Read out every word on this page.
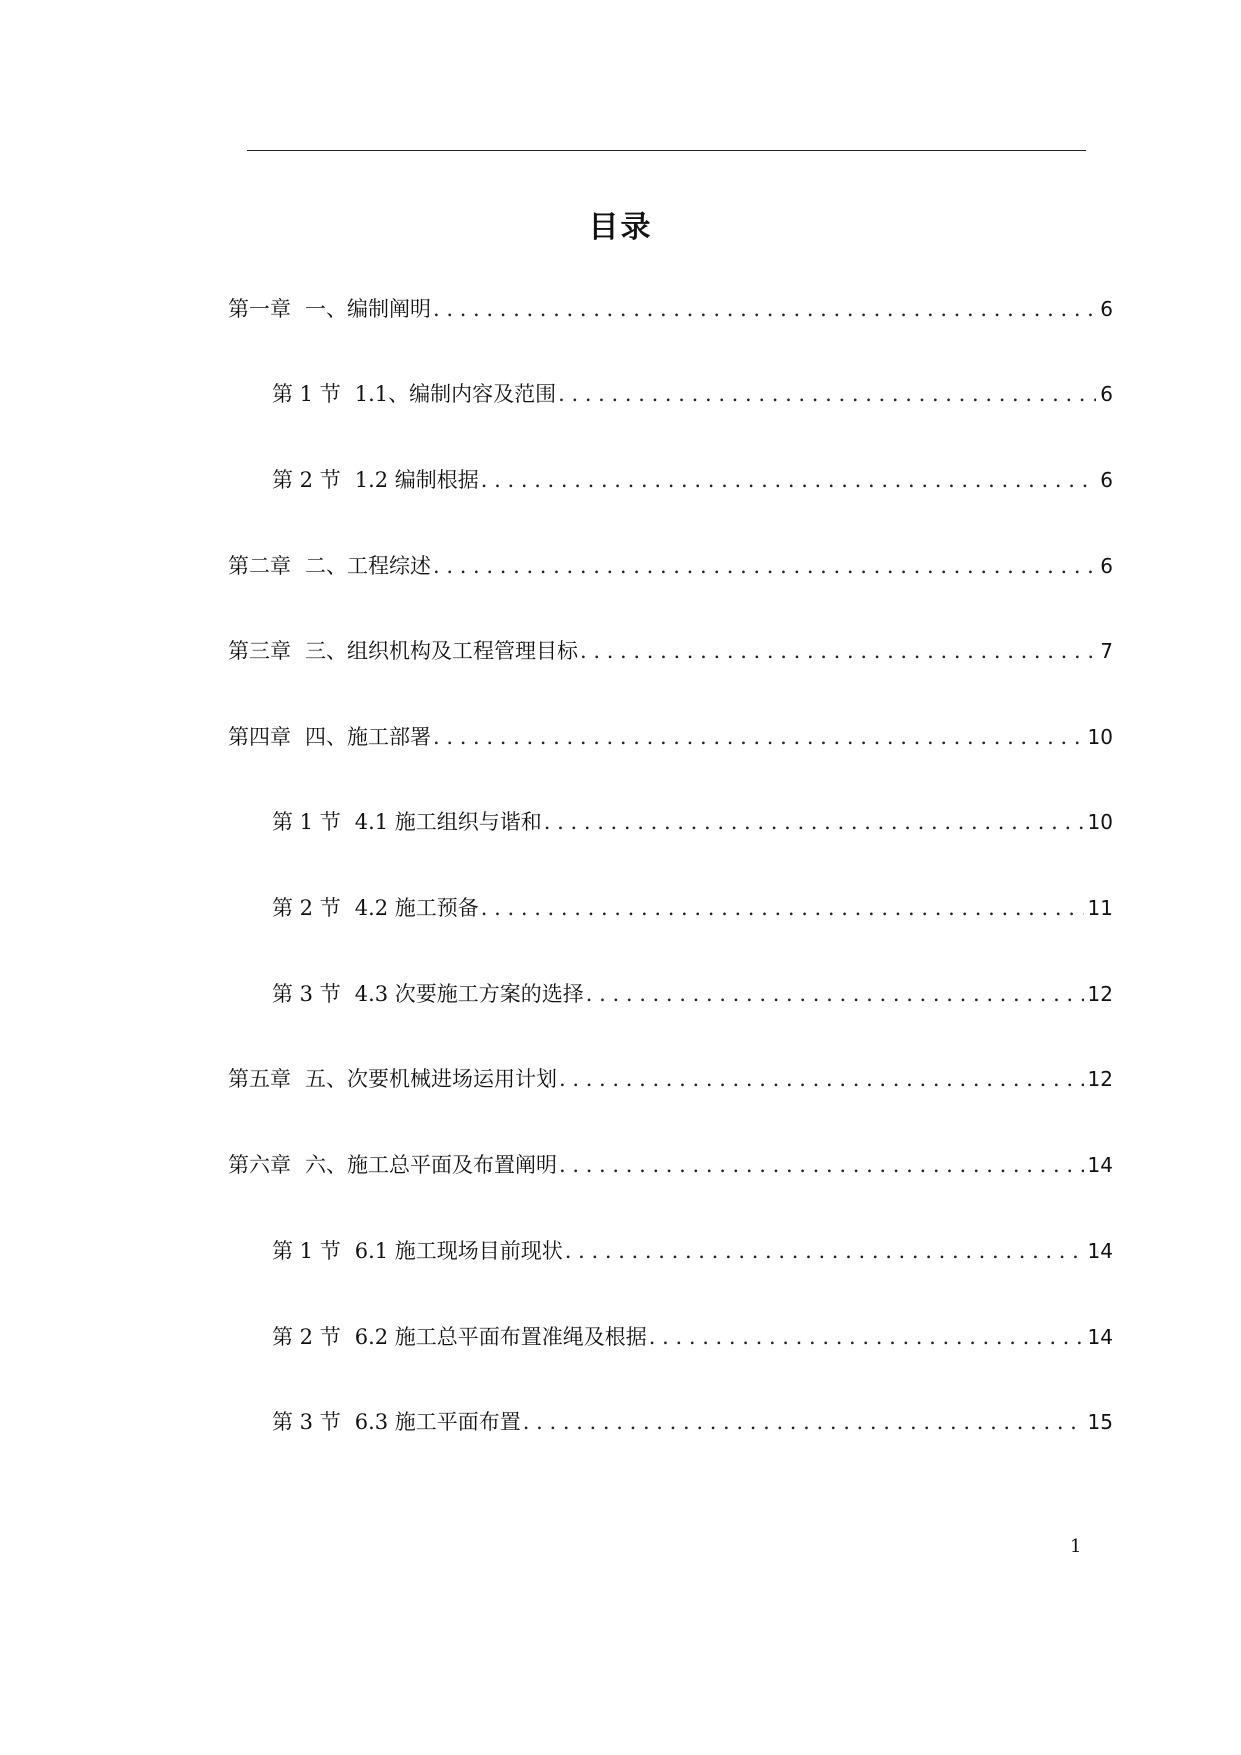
目录
第一章 一、编制阐明 . . .	6
第 1 节 1.1、编制内容及范围 . . .	6
第 2 节 1.2 编制根据 . . .	6
第二章 二、工程综述 . . .	6
第三章 三、组织机构及工程管理目标 . . .	7
第四章 四、施工部署 . . .	10
第 1 节 4.1 施工组织与谐和 . . .	10
第 2 节 4.2 施工预备 . . .	11
第 3 节 4.3 次要施工方案的选择 . . .	12
第五章 五、次要机械进场运用计划 . . .	12
第六章 六、施工总平面及布置阐明 . . .	14
第 1 节 6.1 施工现场目前现状 . . .	14
第 2 节 6.2 施工总平面布置准绳及根据 . . .	14
第 3 节 6.3 施工平面布置 . . .	15
1
